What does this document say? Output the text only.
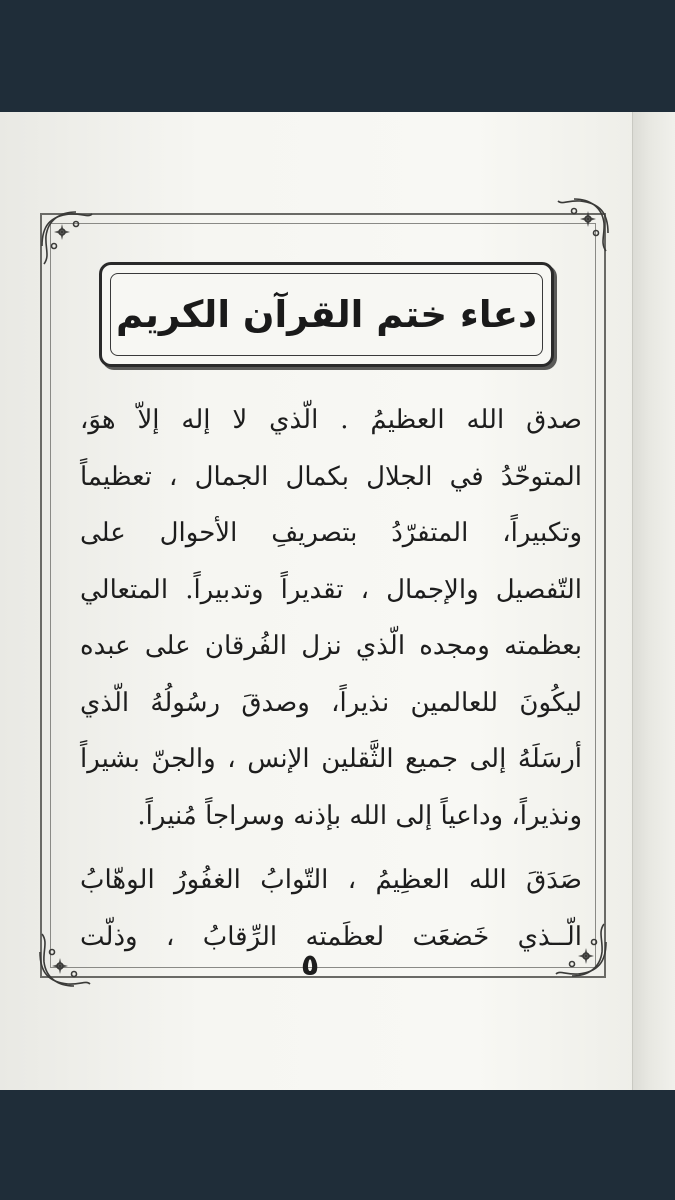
دعاء ختم القرآن الكريم
صدق الله العظيمُ . الّذي لا إله إلاّ هوَ،
المتوحّدُ في الجلال بكمال الجمال ، تعظيماً
وتكبيراً، المتفرّدُ بتصريفِ الأحوال على
التّفصيل والإجمال ، تقديراً وتدبيراً. المتعالي
بعظمته ومجده الّذي نزل الفُرقان على عبده
ليكُونَ للعالمين نذيراً، وصدقَ رسُولُهُ الّذي
أرسَلَهُ إلى جميع الثَّقلين الإنس ، والجنّ بشيراً
ونذيراً، وداعياً إلى الله بإذنه وسراجاً مُنيراً.
صَدَقَ الله العظِيمُ ، التّوابُ الغفُورُ الوهّابُ
الّــذي خَضعَت لعظَمته الرِّقابُ ، وذلّت
٥
